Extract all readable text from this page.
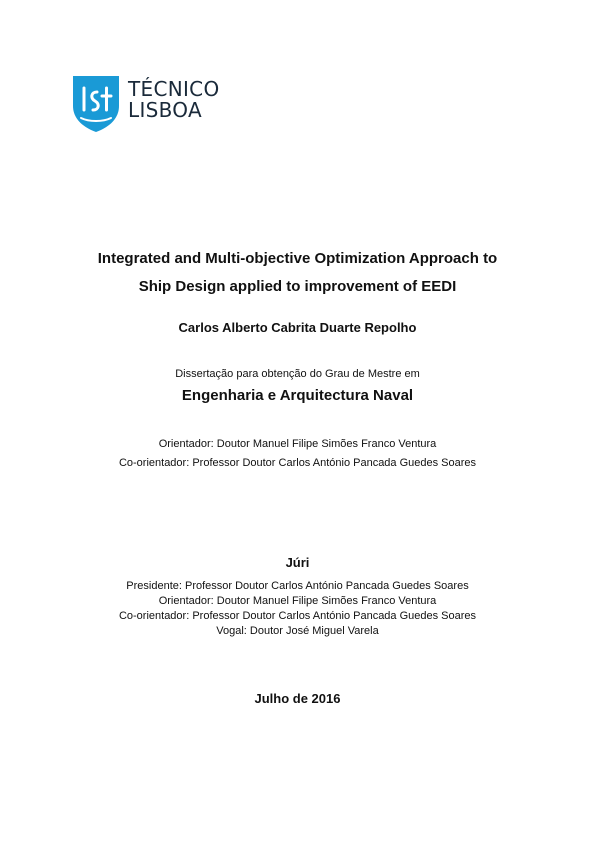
TÉCNICO
LISBOA
Integrated and Multi-objective Optimization Approach to
Ship Design applied to improvement of EEDI
Carlos Alberto Cabrita Duarte Repolho
Dissertação para obtenção do Grau de Mestre em
Engenharia e Arquitectura Naval
Orientador: Doutor Manuel Filipe Simões Franco Ventura
Co-orientador: Professor Doutor Carlos António Pancada Guedes Soares
Júri
Presidente: Professor Doutor Carlos António Pancada Guedes Soares
Orientador: Doutor Manuel Filipe Simões Franco Ventura
Co-orientador: Professor Doutor Carlos António Pancada Guedes Soares
Vogal: Doutor José Miguel Varela
Julho de 2016
